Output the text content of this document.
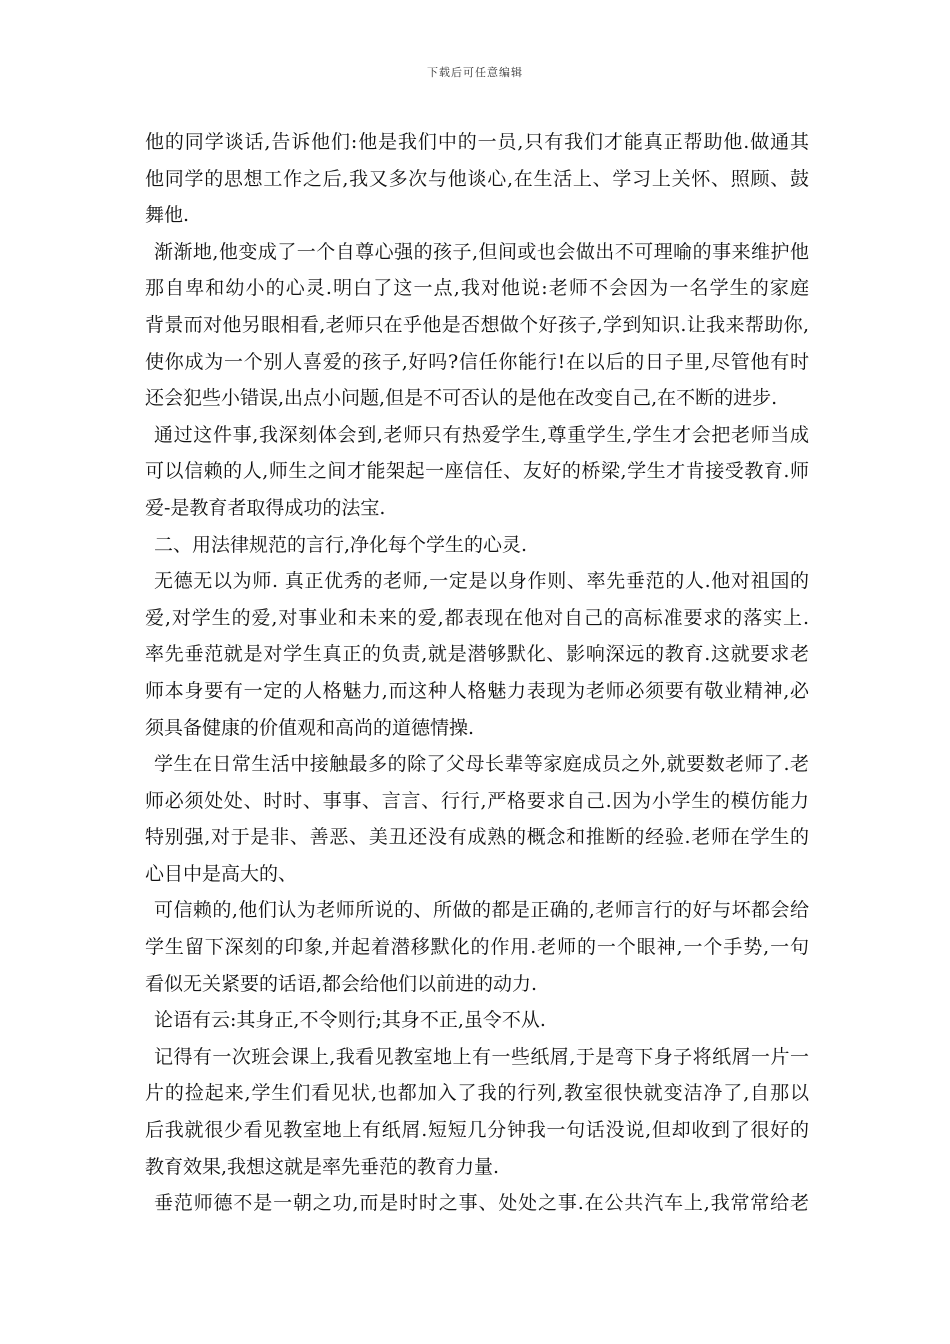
下载后可任意编辑
他的同学谈话,告诉他们:他是我们中的一员,只有我们才能真正帮助他.做通其
他同学的思想工作之后,我又多次与他谈心,在生活上、学习上关怀、照顾、鼓
舞他.
渐渐地,他变成了一个自尊心强的孩子,但间或也会做出不可理喻的事来维护他
那自卑和幼小的心灵.明白了这一点,我对他说:老师不会因为一名学生的家庭
背景而对他另眼相看,老师只在乎他是否想做个好孩子,学到知识.让我来帮助你,
使你成为一个别人喜爱的孩子,好吗?信任你能行!在以后的日子里,尽管他有时
还会犯些小错误,出点小问题,但是不可否认的是他在改变自己,在不断的进步.
通过这件事,我深刻体会到,老师只有热爱学生,尊重学生,学生才会把老师当成
可以信赖的人,师生之间才能架起一座信任、友好的桥梁,学生才肯接受教育.师
爱-是教育者取得成功的法宝.
二、用法律规范的言行,净化每个学生的心灵.
无德无以为师. 真正优秀的老师,一定是以身作则、率先垂范的人.他对祖国的
爱,对学生的爱,对事业和未来的爱,都表现在他对自己的高标准要求的落实上.
率先垂范就是对学生真正的负责,就是潜够默化、影响深远的教育.这就要求老
师本身要有一定的人格魅力,而这种人格魅力表现为老师必须要有敬业精神,必
须具备健康的价值观和高尚的道德情操.
学生在日常生活中接触最多的除了父母长辈等家庭成员之外,就要数老师了.老
师必须处处、时时、事事、言言、行行,严格要求自己.因为小学生的模仿能力
特别强,对于是非、善恶、美丑还没有成熟的概念和推断的经验.老师在学生的
心目中是高大的、
可信赖的,他们认为老师所说的、所做的都是正确的,老师言行的好与坏都会给
学生留下深刻的印象,并起着潜移默化的作用.老师的一个眼神,一个手势,一句
看似无关紧要的话语,都会给他们以前进的动力.
论语有云:其身正,不令则行;其身不正,虽令不从.
记得有一次班会课上,我看见教室地上有一些纸屑,于是弯下身子将纸屑一片一
片的捡起来,学生们看见状,也都加入了我的行列,教室很快就变洁净了,自那以
后我就很少看见教室地上有纸屑.短短几分钟我一句话没说,但却收到了很好的
教育效果,我想这就是率先垂范的教育力量.
垂范师德不是一朝之功,而是时时之事、处处之事.在公共汽车上,我常常给老
